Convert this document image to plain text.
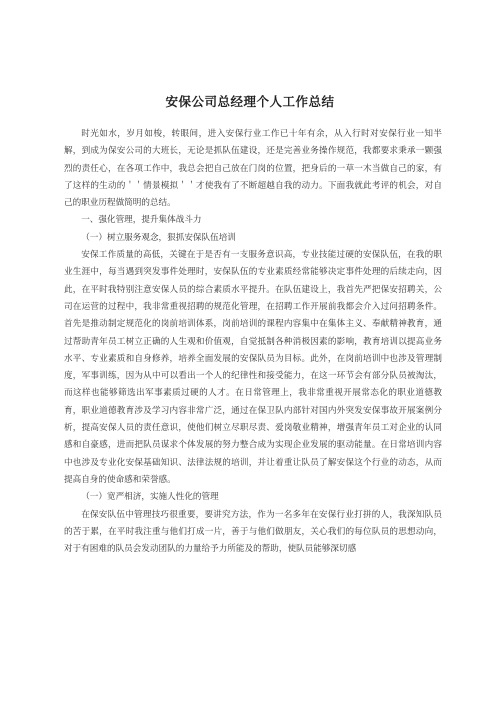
安保公司总经理个人工作总结

时光如水，岁月如梭，转眼间，进入安保行业工作已十年有余，从入行时对安保行业一知半解，到成为保安公司的大班长，无论是抓队伍建设，还是完善业务操作规范，我都要求秉承一颗强烈的责任心，在各项工作中，我总会把自己放在门岗的位置，把身后的一草一木当做自己的家，有了这样的生动的＇＇情景模拟＇＇才使我有了不断超越自我的动力。下面我就此考评的机会，对自己的职业历程做简明的总结。

一、强化管理，提升集体战斗力

（一）树立服务观念，狠抓安保队伍培训

安保工作质量的高低，关键在于是否有一支服务意识高，专业技能过硬的安保队伍，在我的职业生涯中，每当遇到突发事件处理时，安保队伍的专业素质经常能够决定事件处理的后续走向，因此，在平时我特别注意安保人员的综合素质水平提升。在队伍建设上，我首先严把保安招聘关，公司在运营的过程中，我非常重视招聘的规范化管理，在招聘工作开展前我都会介入过问招聘条件。首先是推动制定规范化的岗前培训体系，岗前培训的课程内容集中在集体主义、奉献精神教育，通过帮助青年员工树立正确的人生观和价值观，自觉抵制各种消极因素的影响，教育培训以提高业务水平、专业素质和自身修养，培养全面发展的安保队员为目标。此外，在岗前培训中也涉及管理制度，军事训练，因为从中可以看出一个人的纪律性和接受能力，在这一环节会有部分队员被淘汰，而这样也能够筛选出军事素质过硬的人才。在日常管理上，我非常重视开展常态化的职业道德教育，职业道德教育涉及学习内容非常广泛，通过在保卫队内部针对国内外突发安保事故开展案例分析，提高安保人员的责任意识，使他们树立尽职尽责、爱岗敬业精神，增强青年员工对企业的认同感和自豪感，进而把队员谋求个体发展的努力整合成为实现企业发展的驱动能量。在日常培训内容中也涉及专业化安保基础知识、法律法规的培训，并让着重让队员了解安保这个行业的动态，从而提高自身的使命感和荣誉感。

（一）宽严相济，实施人性化的管理

在保安队伍中管理技巧很重要，要讲究方法，作为一名多年在安保行业打拼的人，我深知队员的苦于累，在平时我注重与他们打成一片，善于与他们做朋友，关心我们的每位队员的思想动向，对于有困难的队员会发动团队的力量给予力所能及的帮助，使队员能够深切感
